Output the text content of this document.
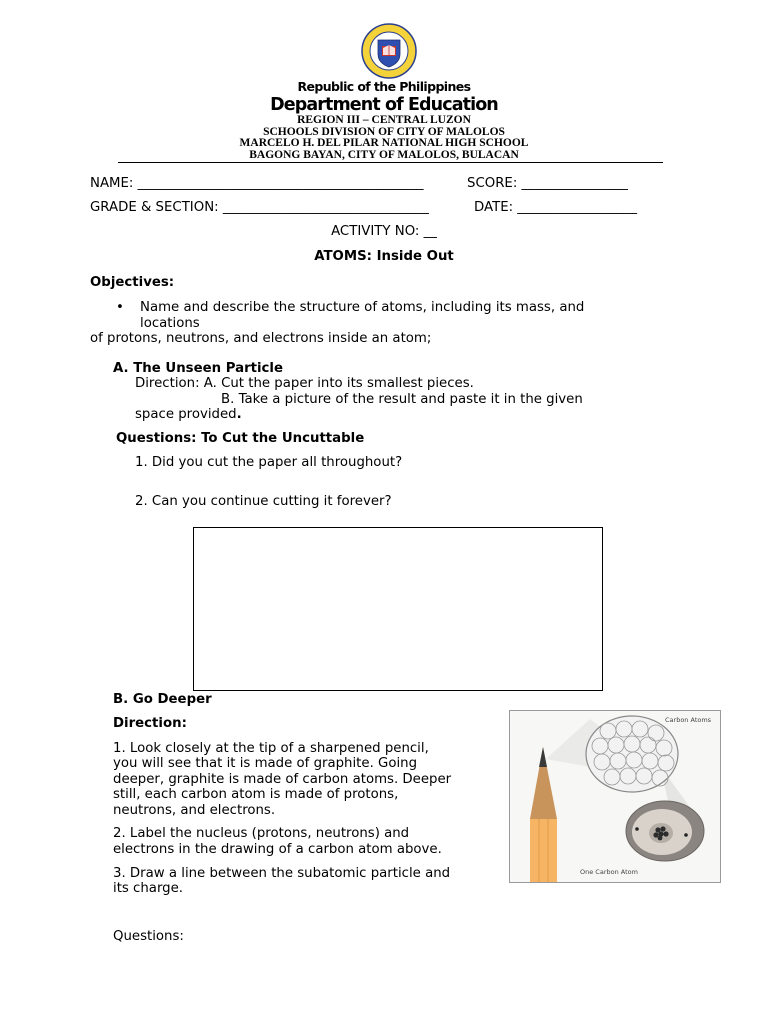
Republic of the Philippines
Department of Education
REGION III – CENTRAL LUZON
SCHOOLS DIVISION OF CITY OF MALOLOS
MARCELO H. DEL PILAR NATIONAL HIGH SCHOOL
BAGONG BAYAN, CITY OF MALOLOS, BULACAN
NAME: ___________________________________________	SCORE: ________________
GRADE & SECTION: _______________________________	DATE: __________________
ACTIVITY NO: __
ATOMS: Inside Out
Objectives:
• Name and describe the structure of atoms, including its mass, and
locations
of protons, neutrons, and electrons inside an atom;
A. The Unseen Particle
Direction: A. Cut the paper into its smallest pieces.
B. Take a picture of the result and paste it in the given
space provided.
Questions: To Cut the Uncuttable
1. Did you cut the paper all throughout?
2. Can you continue cutting it forever?
B. Go Deeper
Direction:
1. Look closely at the tip of a sharpened pencil,
you will see that it is made of graphite. Going
deeper, graphite is made of carbon atoms. Deeper
still, each carbon atom is made of protons,
neutrons, and electrons.
2. Label the nucleus (protons, neutrons) and
electrons in the drawing of a carbon atom above.
3. Draw a line between the subatomic particle and
its charge.
Questions:
Carbon Atoms
One Carbon Atom
